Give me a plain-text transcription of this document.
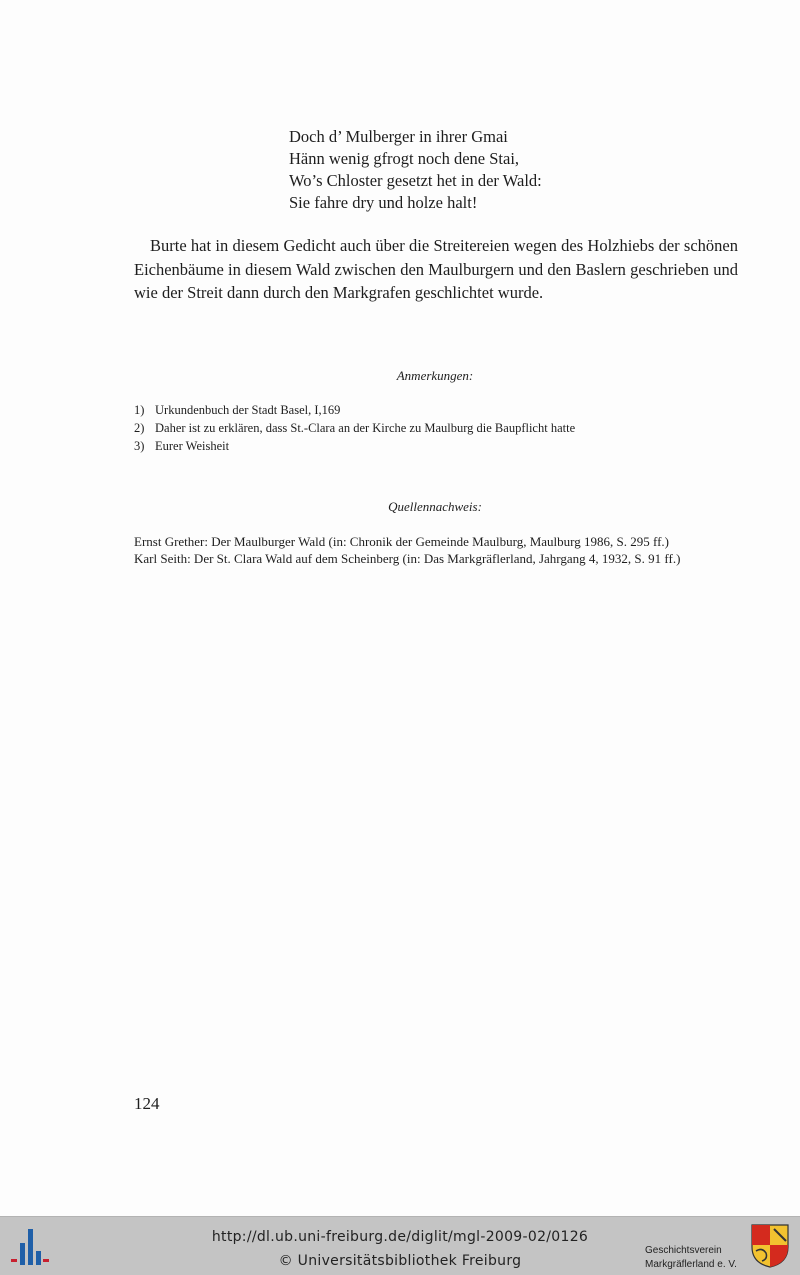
Doch d’ Mulberger in ihrer Gmai
Hänn wenig gfrogt noch dene Stai,
Wo’s Chloster gesetzt het in der Wald:
Sie fahre dry und holze halt!

Burte hat in diesem Gedicht auch über die Streitereien wegen des Holzhiebs der schönen Eichenbäume in diesem Wald zwischen den Maulburgern und den Baslern geschrieben und wie der Streit dann durch den Markgrafen geschlichtet wurde.

Anmerkungen:
1) Urkundenbuch der Stadt Basel, I,169
2) Daher ist zu erklären, dass St.-Clara an der Kirche zu Maulburg die Baupflicht hatte
3) Eurer Weisheit
Quellennachweis:
Ernst Grether: Der Maulburger Wald (in: Chronik der Gemeinde Maulburg, Maulburg 1986, S. 295 ff.)
Karl Seith: Der St. Clara Wald auf dem Scheinberg (in: Das Markgräflerland, Jahrgang 4, 1932, S. 91 ff.)
124
http://dl.ub.uni-freiburg.de/diglit/mgl-2009-02/0126
© Universitätsbibliothek Freiburg
Geschichtsverein
Markgräflerland e. V.
